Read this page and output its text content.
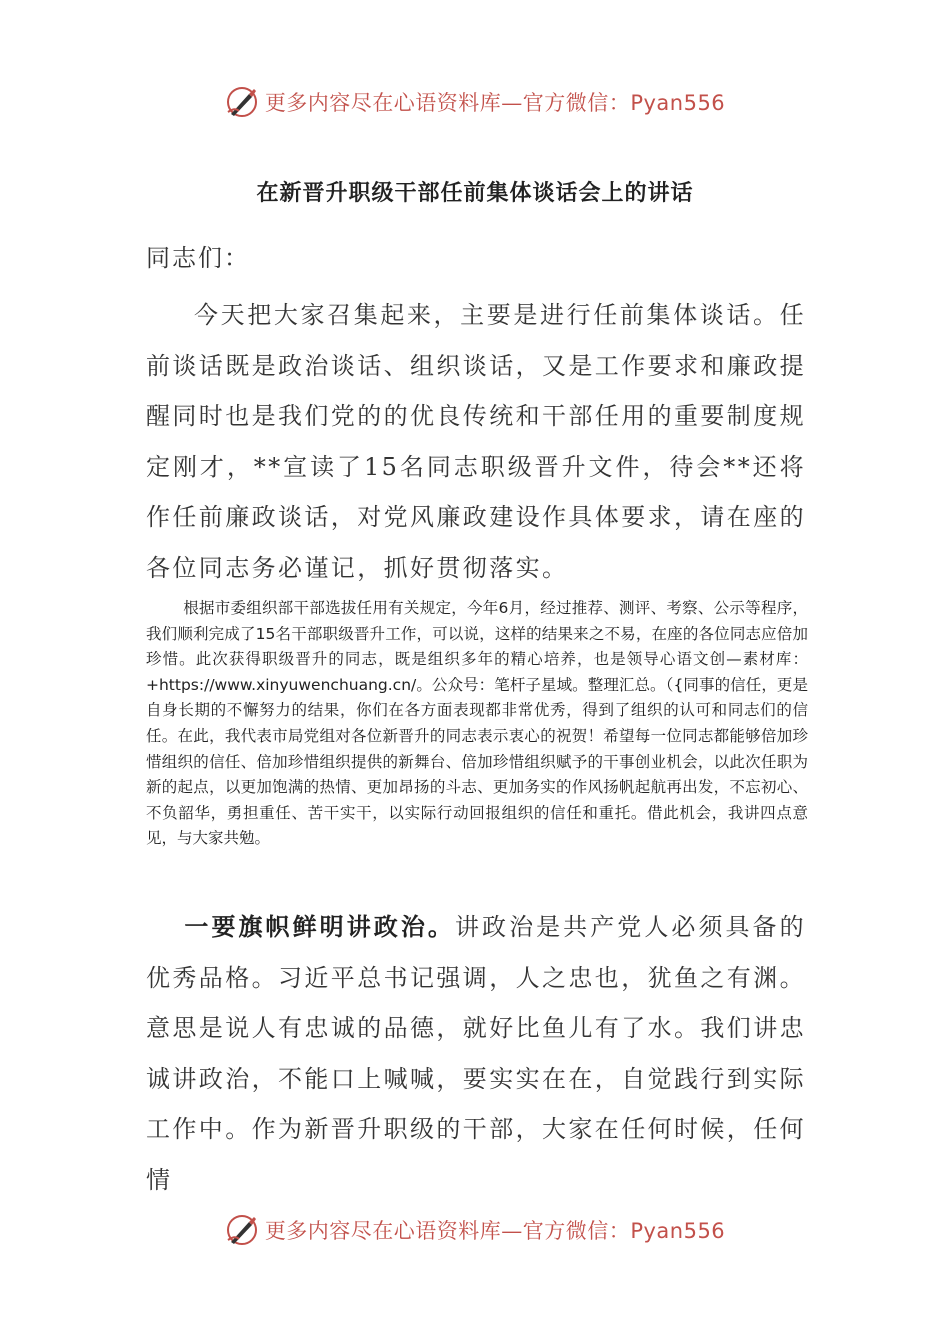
更多内容尽在心语资料库—官方微信：Pyan556
在新晋升职级干部任前集体谈话会上的讲话
同志们：

今天把大家召集起来，主要是进行任前集体谈话。任前谈话既是政治谈话、组织谈话，又是工作要求和廉政提醒同时也是我们党的的优良传统和干部任用的重要制度规定刚才，**宣读了15名同志职级晋升文件，待会**还将作任前廉政谈话，对党风廉政建设作具体要求，请在座的各位同志务必谨记，抓好贯彻落实。

根据市委组织部干部选拔任用有关规定，今年6月，经过推荐、测评、考察、公示等程序，我们顺利完成了15名干部职级晋升工作，可以说，这样的结果来之不易，在座的各位同志应倍加珍惜。此次获得职级晋升的同志，既是组织多年的精心培养，也是领导心语文创—素材库：+https://www.xinyuwenchuang.cn/。公众号：笔杆子星域。整理汇总。（{同事的信任，更是自身长期的不懈努力的结果，你们在各方面表现都非常优秀，得到了组织的认可和同志们的信任。在此，我代表市局党组对各位新晋升的同志表示衷心的祝贺！希望每一位同志都能够倍加珍惜组织的信任、倍加珍惜组织提供的新舞台、倍加珍惜组织赋予的干事创业机会，以此次任职为新的起点，以更加饱满的热情、更加昂扬的斗志、更加务实的作风扬帆起航再出发，不忘初心、不负韶华，勇担重任、苦干实干，以实际行动回报组织的信任和重托。借此机会，我讲四点意见，与大家共勉。

一要旗帜鲜明讲政治。讲政治是共产党人必须具备的优秀品格。习近平总书记强调，人之忠也，犹鱼之有渊。意思是说人有忠诚的品德，就好比鱼儿有了水。我们讲忠诚讲政治，不能口上喊喊，要实实在在，自觉践行到实际工作中。作为新晋升职级的干部，大家在任何时候，任何情

更多内容尽在心语资料库—官方微信：Pyan556
